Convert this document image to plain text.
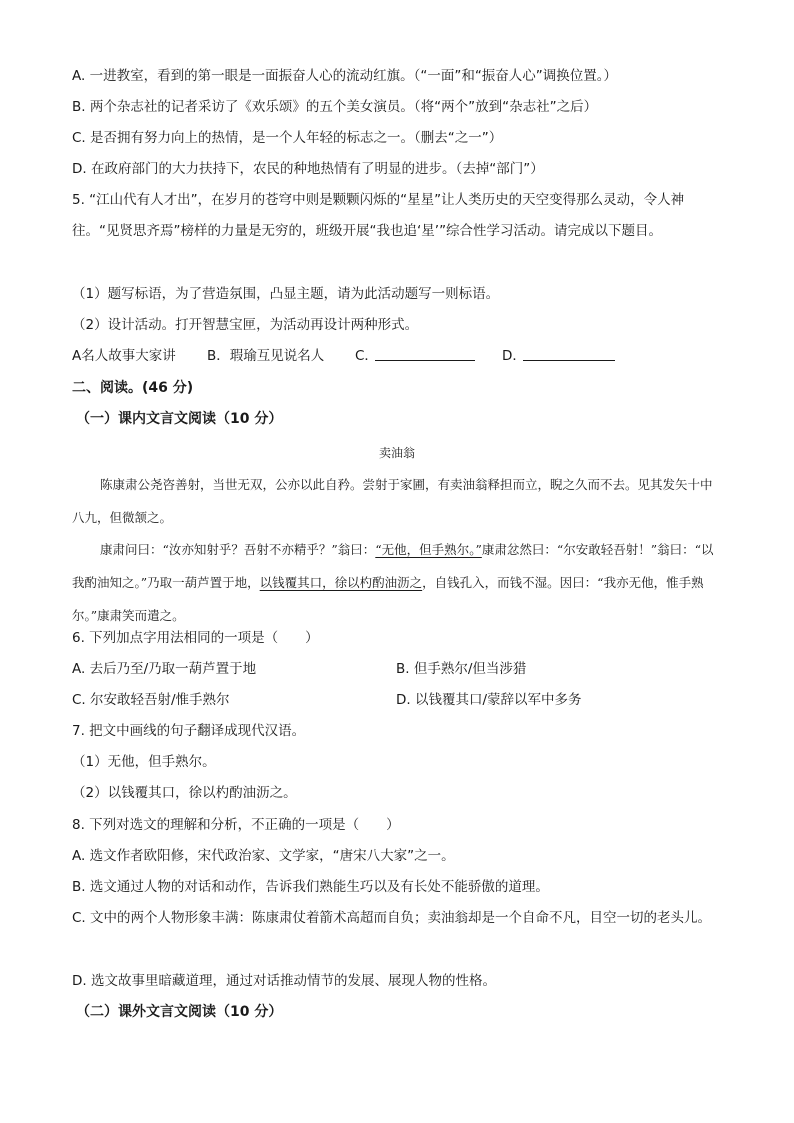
A. 一进教室，看到的第一眼是一面振奋人心的流动红旗。（“一面”和“振奋人心”调换位置。）
B. 两个杂志社的记者采访了《欢乐颂》的五个美女演员。（将“两个”放到“杂志社”之后）
C. 是否拥有努力向上的热情，是一个人年轻的标志之一。（删去“之一”）
D. 在政府部门的大力扶持下，农民的种地热情有了明显的进步。（去掉“部门”）
5. “江山代有人才出”，在岁月的苍穹中则是颗颗闪烁的“星星”让人类历史的天空变得那么灵动，令人神往。“见贤思齐焉”榜样的力量是无穷的，班级开展“我也追‘星’”综合性学习活动。请完成以下题目。
（1）题写标语，为了营造氛围，凸显主题，请为此活动题写一则标语。
（2）设计活动。打开智慧宝匣，为活动再设计两种形式。
A名人故事大家讲 B．瑕瑜互见说名人 C．	D．
二、阅读。(46 分)
（一）课内文言文阅读（10 分）
卖油翁
陈康肃公尧咨善射，当世无双，公亦以此自矜。尝射于家圃，有卖油翁释担而立，睨之久而不去。见其发矢十中八九，但微颔之。
康肃问曰：“汝亦知射乎？吾射不亦精乎？”翁曰：“无他，但手熟尔。”康肃忿然曰：“尔安敢轻吾射！”翁曰：“以我酌油知之。”乃取一葫芦置于地，以钱覆其口，徐以杓酌油沥之，自钱孔入，而钱不湿。因曰：“我亦无他，惟手熟尔。”康肃笑而遣之。
6. 下列加点字用法相同的一项是（　　）
A. 去后乃至/乃取一葫芦置于地	B. 但手熟尔/但当涉猎
C. 尔安敢轻吾射/惟手熟尔	D. 以钱覆其口/蒙辞以军中多务
7. 把文中画线的句子翻译成现代汉语。
（1）无他，但手熟尔。
（2）以钱覆其口，徐以杓酌油沥之。
8. 下列对选文的理解和分析，不正确的一项是（　　）
A. 选文作者欧阳修，宋代政治家、文学家，“唐宋八大家”之一。
B. 选文通过人物的对话和动作，告诉我们熟能生巧以及有长处不能骄傲的道理。
C. 文中的两个人物形象丰满：陈康肃仗着箭术高超而自负；卖油翁却是一个自命不凡，目空一切的老头儿。
D. 选文故事里暗藏道理，通过对话推动情节的发展、展现人物的性格。
（二）课外文言文阅读（10 分）
